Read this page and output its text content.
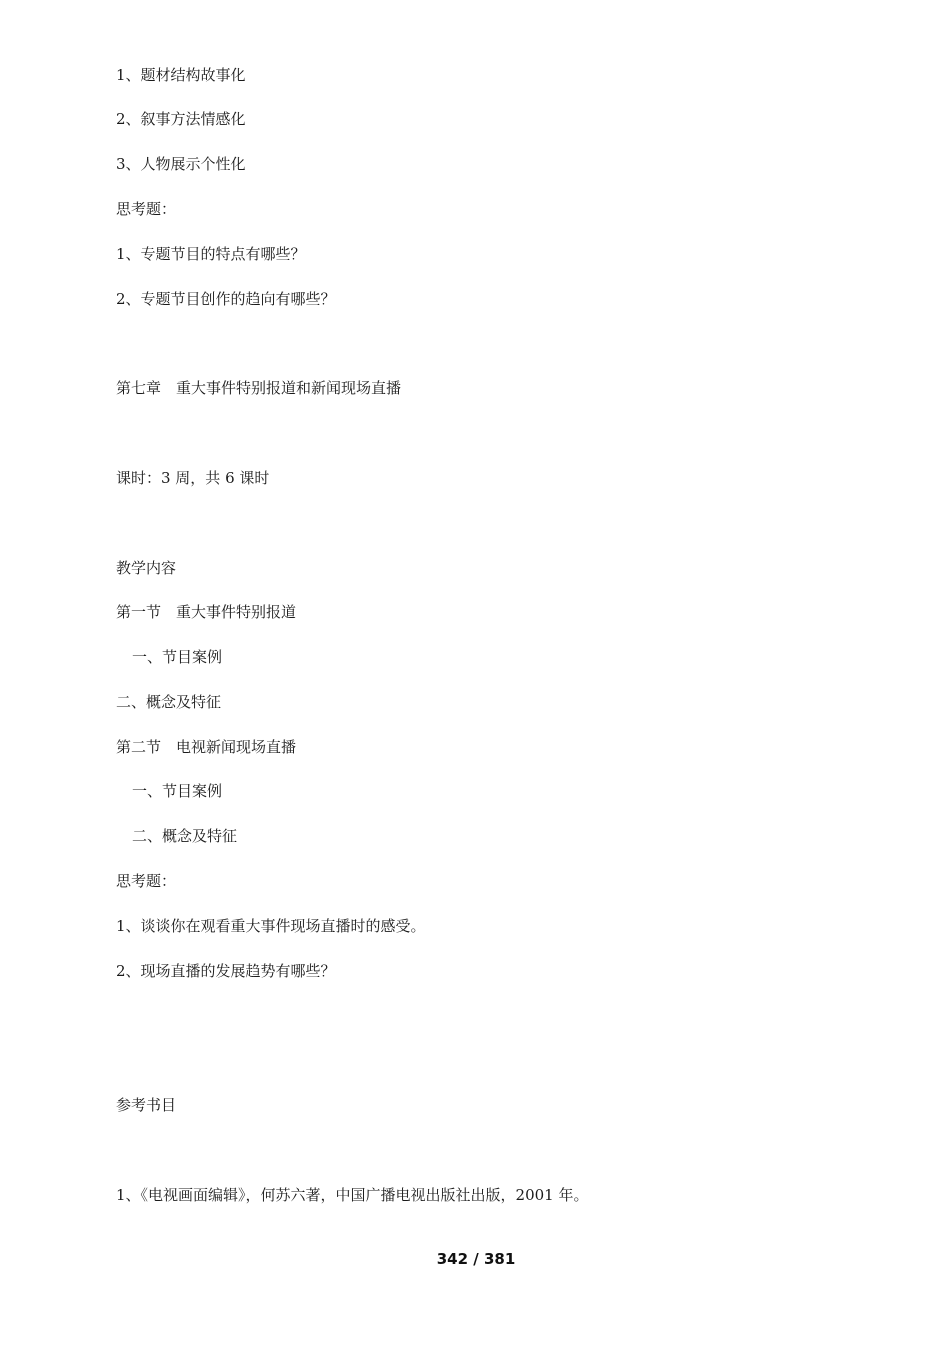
1、题材结构故事化
2、叙事方法情感化
3、人物展示个性化
思考题：
1、专题节目的特点有哪些？
2、专题节目创作的趋向有哪些？
第七章　重大事件特别报道和新闻现场直播
课时：3 周，共 6 课时
教学内容
第一节　重大事件特别报道
一、节目案例
二、概念及特征
第二节　电视新闻现场直播
一、节目案例
二、概念及特征
思考题：
1、谈谈你在观看重大事件现场直播时的感受。
2、现场直播的发展趋势有哪些？
参考书目
1、《电视画面编辑》，何苏六著，中国广播电视出版社出版，2001 年。
342 / 381
